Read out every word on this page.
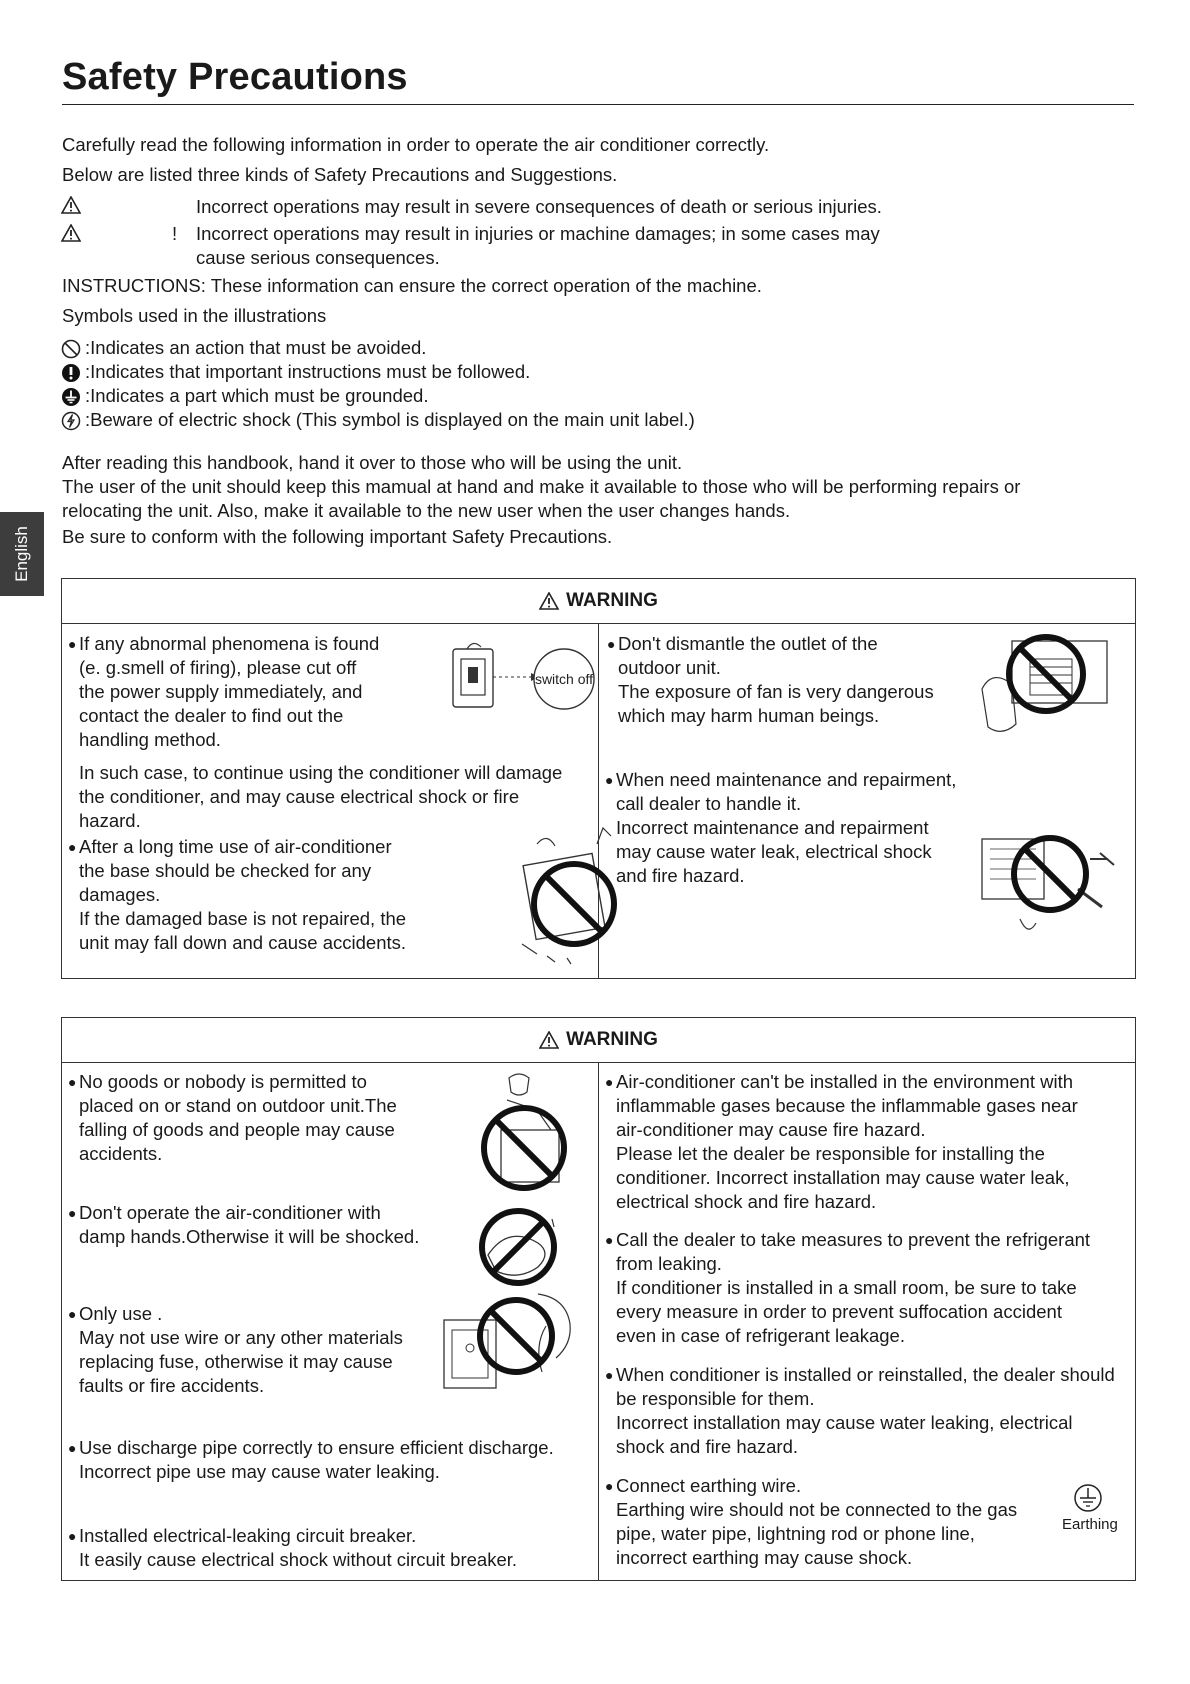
Safety Precautions
English
Carefully read the following information in order to operate the air conditioner correctly.
Below are listed three kinds of Safety Precautions and Suggestions.
Incorrect operations may result in severe consequences of death or serious injuries.
! Incorrect operations may result in injuries or machine damages; in some cases may
cause serious consequences.
INSTRUCTIONS: These information can ensure the correct operation of the machine.
Symbols used in the illustrations
:Indicates an action that must be avoided.
:Indicates that important instructions must be followed.
:Indicates a part which must be grounded.
:Beware of electric shock (This symbol is displayed on the main unit label.)
After reading this handbook, hand it over to those who will be using the unit.
The user of the unit should keep this mamual at hand and make it available to those who will be performing repairs or
relocating the unit. Also, make it available to the new user when the user changes hands.
Be sure to conform with the following important Safety Precautions.
WARNING
● If any abnormal phenomena is found
(e. g.smell of firing), please cut off
the power supply immediately, and
contact the dealer to find out the
handling method.
switch off
In such case, to continue using the conditioner will damage
the conditioner, and may cause electrical shock or fire
hazard.
● After a long time use of air-conditioner
the base should be checked for any
damages.
If the damaged base is not repaired, the
unit may fall down and cause accidents.
● Don't dismantle the outlet of the
outdoor unit.
The exposure of fan is very dangerous
which may harm human beings.
● When need maintenance and repairment,
call dealer to handle it.
Incorrect maintenance and repairment
may cause water leak, electrical shock
and fire hazard.
WARNING
● No goods or nobody is permitted to
placed on or stand on outdoor unit.The
falling of goods and people may cause
accidents.
● Don't operate the air-conditioner with
damp hands.Otherwise it will be shocked.
● Only use .
May not use wire or any other materials
replacing fuse, otherwise it may cause
faults or fire accidents.
● Use discharge pipe correctly to ensure efficient discharge.
Incorrect pipe use may cause water leaking.
● Installed electrical-leaking circuit breaker.
It easily cause electrical shock without circuit breaker.
● Air-conditioner can't be installed in the environment with
inflammable gases because the inflammable gases near
air-conditioner may cause fire hazard.
Please let the dealer be responsible for installing the
conditioner. Incorrect installation may cause water leak,
electrical shock and fire hazard.
● Call the dealer to take measures to prevent the refrigerant
from leaking.
If conditioner is installed in a small room, be sure to take
every measure in order to prevent suffocation accident
even in case of refrigerant leakage.
● When conditioner is installed or reinstalled, the dealer should
be responsible for them.
Incorrect installation may cause water leaking, electrical
shock and fire hazard.
● Connect earthing wire.
Earthing wire should not be connected to the gas
pipe, water pipe, lightning rod or phone line,
incorrect earthing may cause shock.
Earthing
